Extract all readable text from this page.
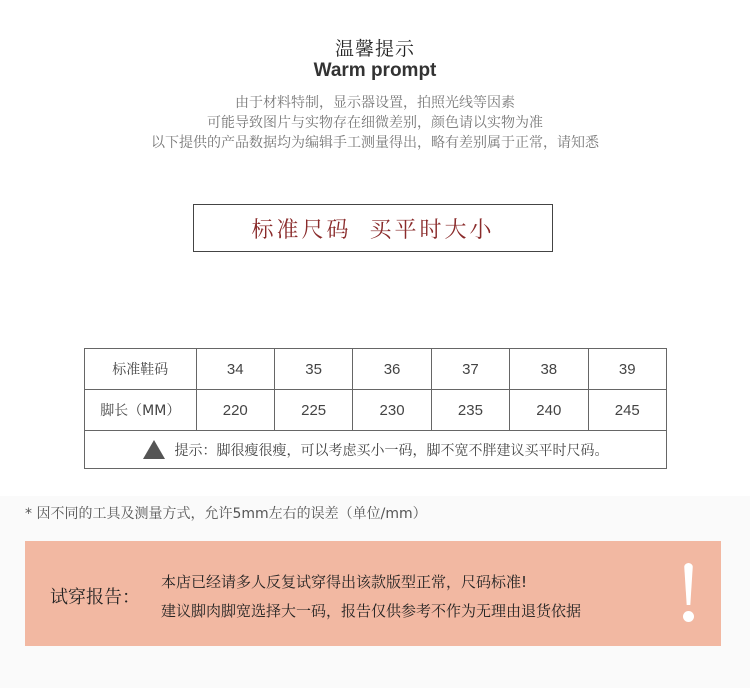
温馨提示
Warm prompt
由于材料特制，显示器设置，拍照光线等因素
可能导致图片与实物存在细微差别，颜色请以实物为准
以下提供的产品数据均为编辑手工测量得出，略有差别属于正常，请知悉
标准尺码 买平时大小
标准鞋码	34	35	36	37	38	39
脚长（MM）	220	225	230	235	240	245

提示：脚很瘦很瘦，可以考虑买小一码，脚不宽不胖建议买平时尺码。						
* 因不同的工具及测量方式，允许5mm左右的误差（单位/mm）
试穿报告：
本店已经请多人反复试穿得出该款版型正常，尺码标准!
建议脚肉脚宽选择大一码，报告仅供参考不作为无理由退货依据
